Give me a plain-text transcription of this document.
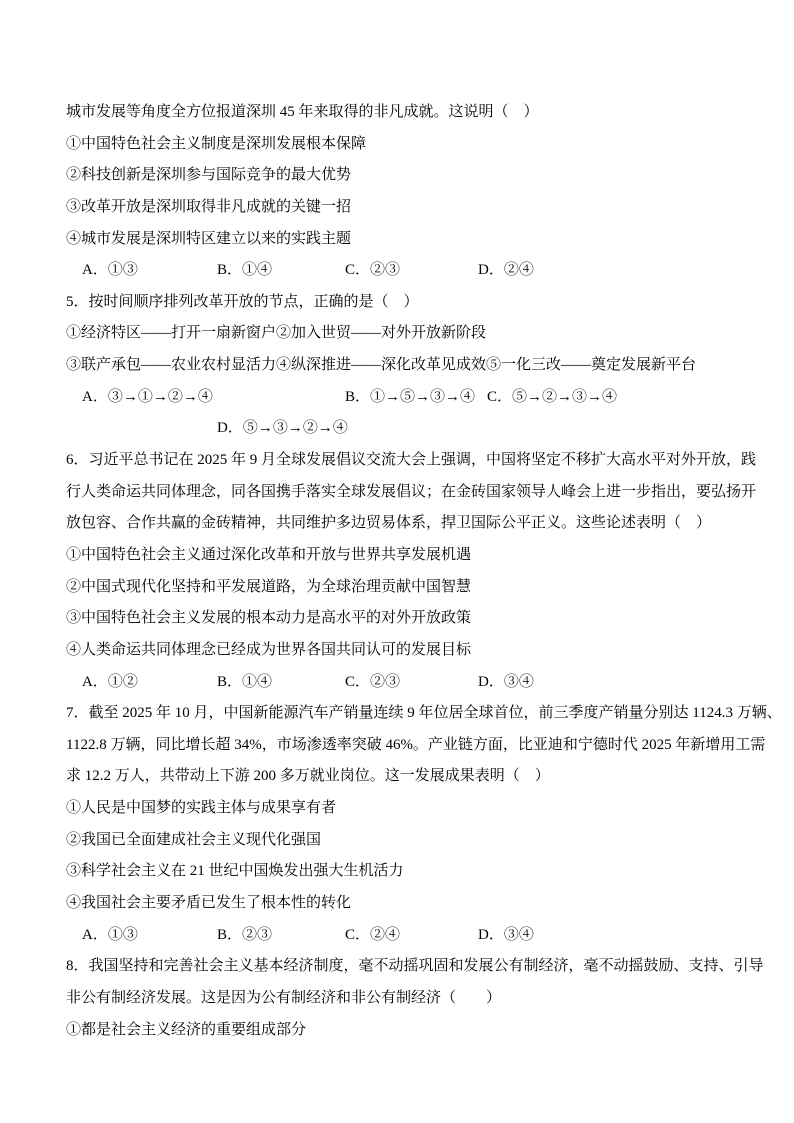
城市发展等角度全方位报道深圳 45 年来取得的非凡成就。这说明（　）
①中国特色社会主义制度是深圳发展根本保障
②科技创新是深圳参与国际竞争的最大优势
③改革开放是深圳取得非凡成就的关键一招
④城市发展是深圳特区建立以来的实践主题
A．①③	B．①④	C．②③	D．②④
5．按时间顺序排列改革开放的节点，正确的是（　）
①经济特区——打开一扇新窗户②加入世贸——对外开放新阶段
③联产承包——农业农村显活力④纵深推进——深化改革见成效⑤一化三改——奠定发展新平台
A．③→①→②→④	B．①→⑤→③→④ C．⑤→②→③→④
D．⑤→③→②→④
6．习近平总书记在 2025 年 9 月全球发展倡议交流大会上强调，中国将坚定不移扩大高水平对外开放，践
行人类命运共同体理念，同各国携手落实全球发展倡议；在金砖国家领导人峰会上进一步指出，要弘扬开
放包容、合作共赢的金砖精神，共同维护多边贸易体系，捍卫国际公平正义。这些论述表明（　）
①中国特色社会主义通过深化改革和开放与世界共享发展机遇
②中国式现代化坚持和平发展道路，为全球治理贡献中国智慧
③中国特色社会主义发展的根本动力是高水平的对外开放政策
④人类命运共同体理念已经成为世界各国共同认可的发展目标
A．①②	B．①④	C．②③	D．③④
7．截至 2025 年 10 月，中国新能源汽车产销量连续 9 年位居全球首位，前三季度产销量分别达 1124.3 万辆、
1122.8 万辆，同比增长超 34%，市场渗透率突破 46%。产业链方面，比亚迪和宁德时代 2025 年新增用工需
求 12.2 万人，共带动上下游 200 多万就业岗位。这一发展成果表明（　）
①人民是中国梦的实践主体与成果享有者
②我国已全面建成社会主义现代化强国
③科学社会主义在 21 世纪中国焕发出强大生机活力
④我国社会主要矛盾已发生了根本性的转化
A．①③	B．②③	C．②④	D．③④
8．我国坚持和完善社会主义基本经济制度，毫不动摇巩固和发展公有制经济，毫不动摇鼓励、支持、引导
非公有制经济发展。这是因为公有制经济和非公有制经济（　　）
①都是社会主义经济的重要组成部分
